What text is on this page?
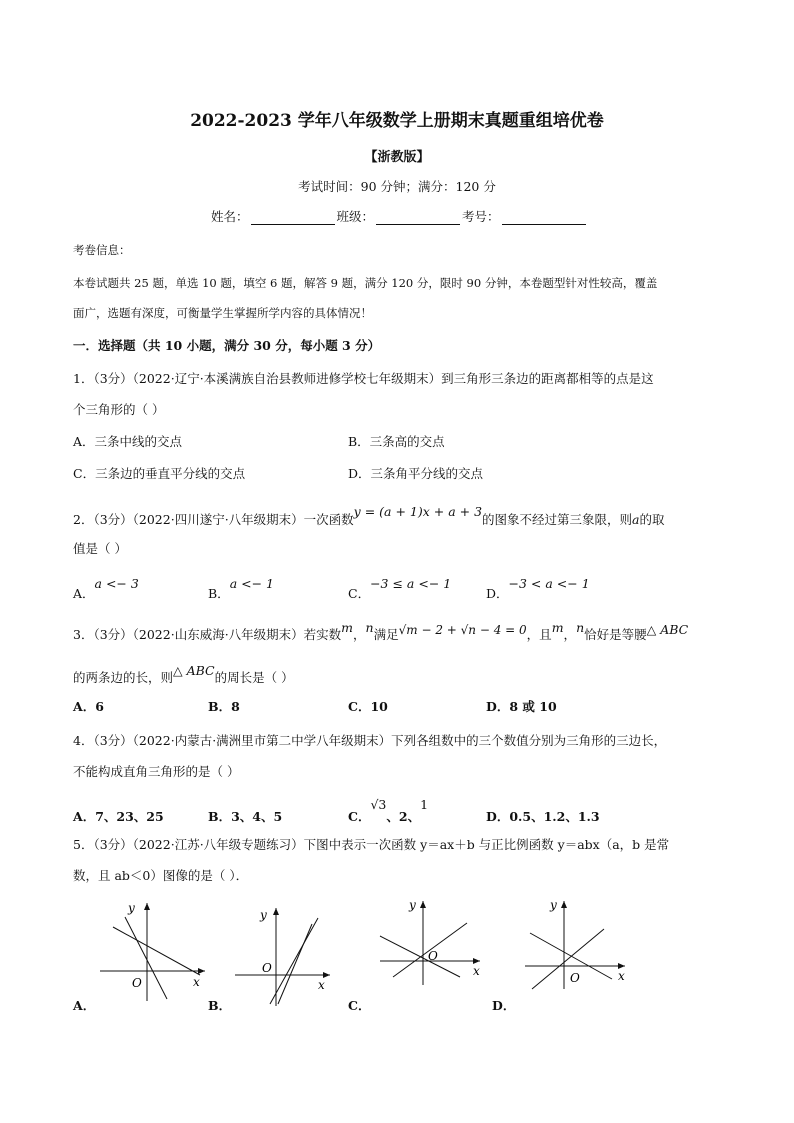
2022-2023 学年八年级数学上册期末真题重组培优卷
【浙教版】
考试时间：90 分钟；满分：120 分
姓名：	班级：	考号：
考卷信息：
本卷试题共 25 题，单选 10 题，填空 6 题，解答 9 题，满分 120 分，限时 90 分钟，本卷题型针对性较高，覆盖
面广，选题有深度，可衡量学生掌握所学内容的具体情况！
一．选择题（共 10 小题，满分 30 分，每小题 3 分）
1．（3分）（2022·辽宁·本溪满族自治县教师进修学校七年级期末）到三角形三条边的距离都相等的点是这
个三角形的（ ）
A．三条中线的交点	B．三条高的交点
C．三条边的垂直平分线的交点	D．三条角平分线的交点
2．（3分）（2022·四川遂宁·八年级期末）一次函数y = (a + 1)x + a + 3的图象不经过第三象限，则a的取
值是（ ）
A．a <− 3
B．a <− 1
C．−3 ≤ a <− 1
D．−3 < a <− 1
3．（3分）（2022·山东威海·八年级期末）若实数m，n满足√m − 2 + √n − 4 = 0，且m，n恰好是等腰△ ABC
的两条边的长，则△ ABC的周长是（ ）
A．6	B．8	C．10	D．8 或 10
4．（3分）（2022·内蒙古·满洲里市第二中学八年级期末）下列各组数中的三个数值分别为三角形的三边长，
不能构成直角三角形的是（ ）
A．7、23、25	B．3、4、5	C．√3、2、1
D．0.5、1.2、1.3
5．（3分）（2022·江苏·八年级专题练习）下图中表示一次函数 y＝ax＋b 与正比例函数 y＝abx（a，b 是常
数，且 ab＜0）图像的是（ ）．
y
x
O
A．
y
x
O
B．
y
x
O
C．
y
x
O
D．
